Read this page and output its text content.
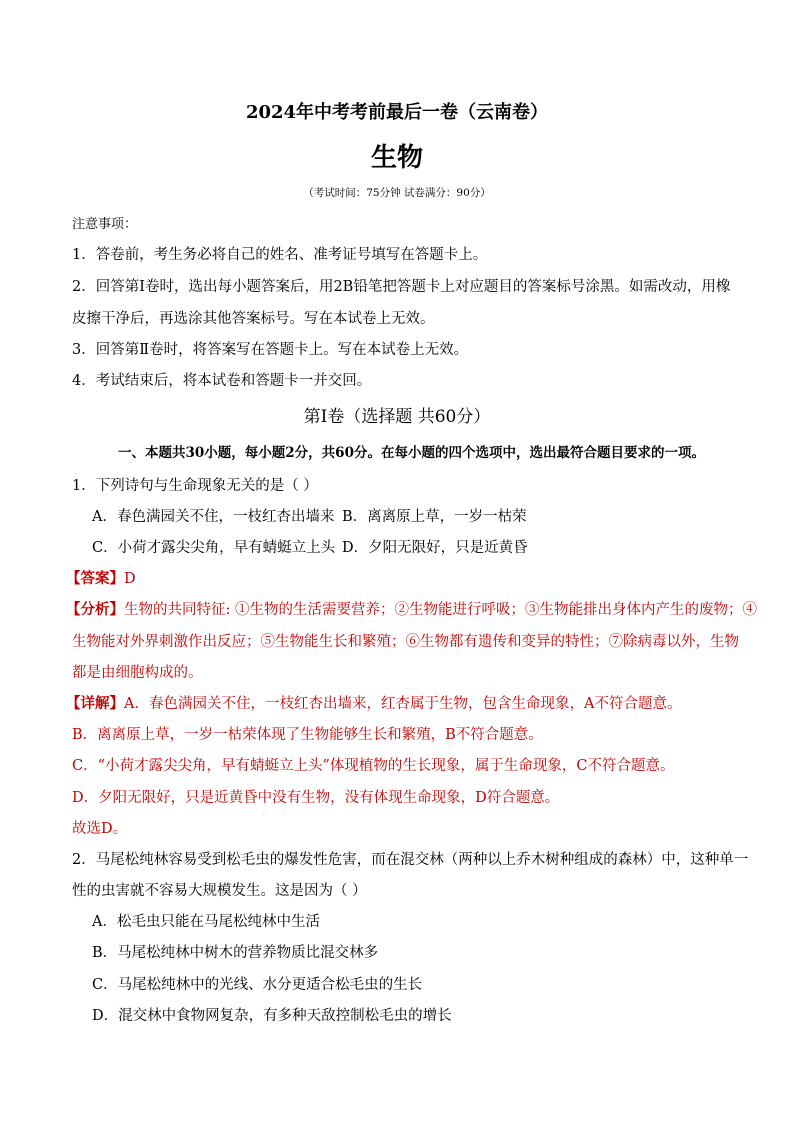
2024年中考考前最后一卷（云南卷）
生物
（考试时间：75分钟 试卷满分：90分）
注意事项：
1．答卷前，考生务必将自己的姓名、准考证号填写在答题卡上。
2．回答第Ⅰ卷时，选出每小题答案后，用2B铅笔把答题卡上对应题目的答案标号涂黑。如需改动，用橡
皮擦干净后，再选涂其他答案标号。写在本试卷上无效。
3．回答第Ⅱ卷时，将答案写在答题卡上。写在本试卷上无效。
4．考试结束后，将本试卷和答题卡一并交回。
第Ⅰ卷（选择题 共60分）
一、本题共30小题，每小题2分，共60分。在每小题的四个选项中，选出最符合题目要求的一项。
1．下列诗句与生命现象无关的是（ ）
A．春色满园关不住，一枝红杏出墙来 B．离离原上草，一岁一枯荣
C．小荷才露尖尖角，早有蜻蜓立上头 D．夕阳无限好，只是近黄昏
【答案】D
【分析】生物的共同特征: ①生物的生活需要营养；②生物能进行呼吸；③生物能排出身体内产生的废物；④
生物能对外界刺激作出反应；⑤生物能生长和繁殖；⑥生物都有遗传和变异的特性；⑦除病毒以外，生物
都是由细胞构成的。
【详解】A．春色满园关不住，一枝红杏出墙来，红杏属于生物，包含生命现象，A不符合题意。
B．离离原上草，一岁一枯荣体现了生物能够生长和繁殖，B不符合题意。
C．“小荷才露尖尖角，早有蜻蜓立上头”体现植物的生长现象，属于生命现象，C不符合题意。
D．夕阳无限好，只是近黄昏中没有生物，没有体现生命现象，D符合题意。
故选D。
2．马尾松纯林容易受到松毛虫的爆发性危害，而在混交林（两种以上乔木树种组成的森林）中，这种单一
性的虫害就不容易大规模发生。这是因为（ ）
A．松毛虫只能在马尾松纯林中生活
B．马尾松纯林中树木的营养物质比混交林多
C．马尾松纯林中的光线、水分更适合松毛虫的生长
D．混交林中食物网复杂，有多种天敌控制松毛虫的增长
